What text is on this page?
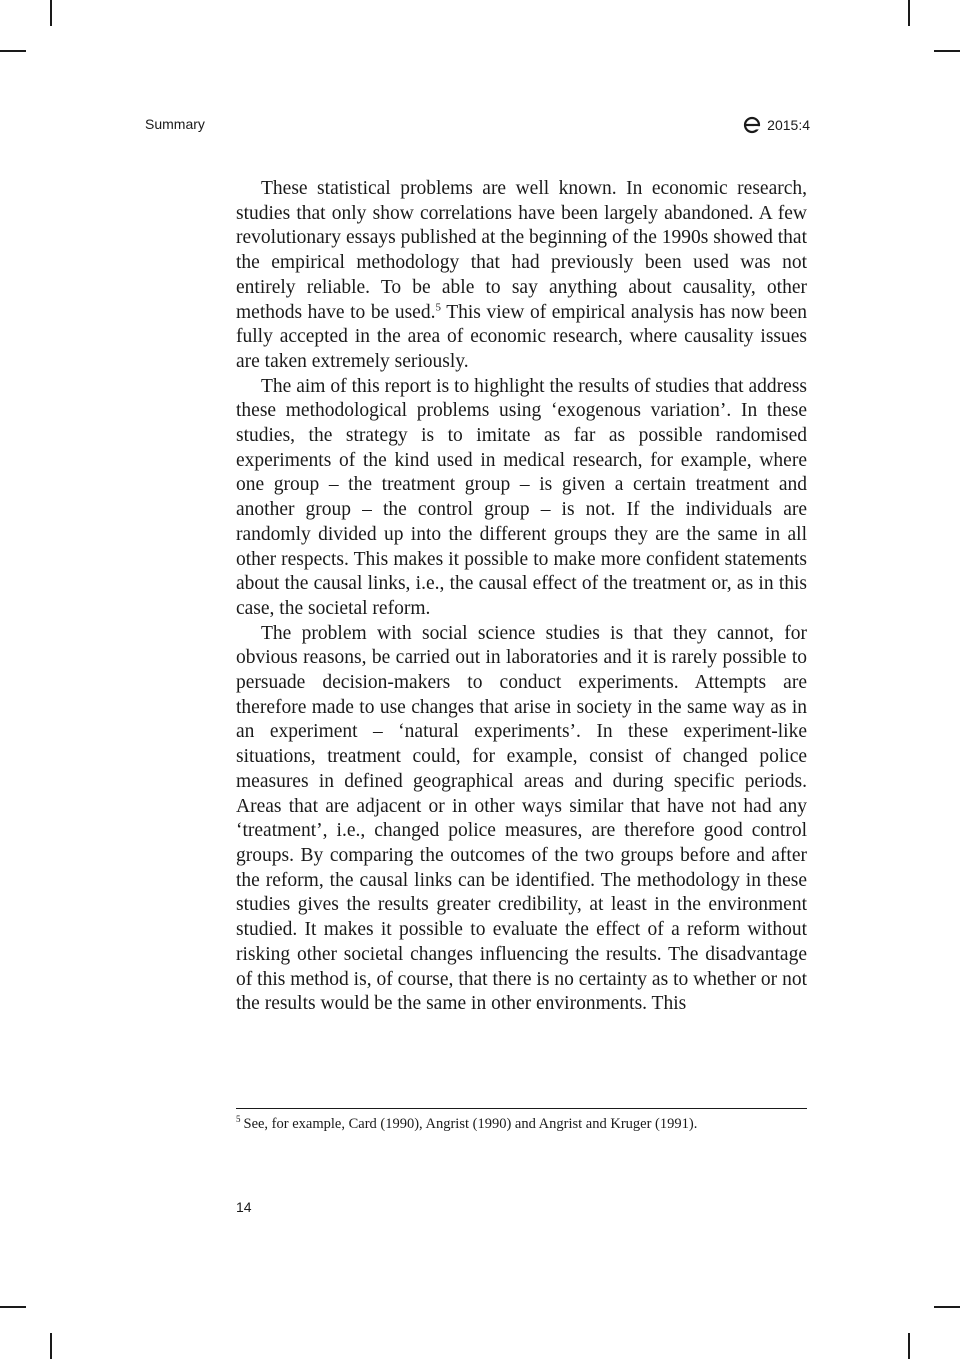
Summary	2015:4

These statistical problems are well known. In economic research, studies that only show correlations have been largely abandoned. A few revolutionary essays published at the beginning of the 1990s showed that the empirical methodology that had previously been used was not entirely reliable. To be able to say anything about causality, other methods have to be used.$^5$ This view of empirical analysis has now been fully accepted in the area of economic research, where causality issues are taken extremely seriously.

The aim of this report is to highlight the results of studies that address these methodological problems using ‘exogenous variation’. In these studies, the strategy is to imitate as far as possible randomised experiments of the kind used in medical research, for example, where one group – the treatment group – is given a certain treatment and another group – the control group – is not. If the individuals are randomly divided up into the different groups they are the same in all other respects. This makes it possible to make more confident statements about the causal links, i.e., the causal effect of the treatment or, as in this case, the societal reform.

The problem with social science studies is that they cannot, for obvious reasons, be carried out in laboratories and it is rarely possible to persuade decision-makers to conduct experiments. Attempts are therefore made to use changes that arise in society in the same way as in an experiment – ‘natural experiments’. In these experiment-like situations, treatment could, for example, consist of changed police measures in defined geographical areas and during specific periods. Areas that are adjacent or in other ways similar that have not had any ‘treatment’, i.e., changed police measures, are therefore good control groups. By comparing the outcomes of the two groups before and after the reform, the causal links can be identified. The methodology in these studies gives the results greater credibility, at least in the environment studied. It makes it possible to evaluate the effect of a reform without risking other societal changes influencing the results. The disadvantage of this method is, of course, that there is no certainty as to whether or not the results would be the same in other environments. This

$^5$ See, for example, Card (1990), Angrist (1990) and Angrist and Kruger (1991).
14
